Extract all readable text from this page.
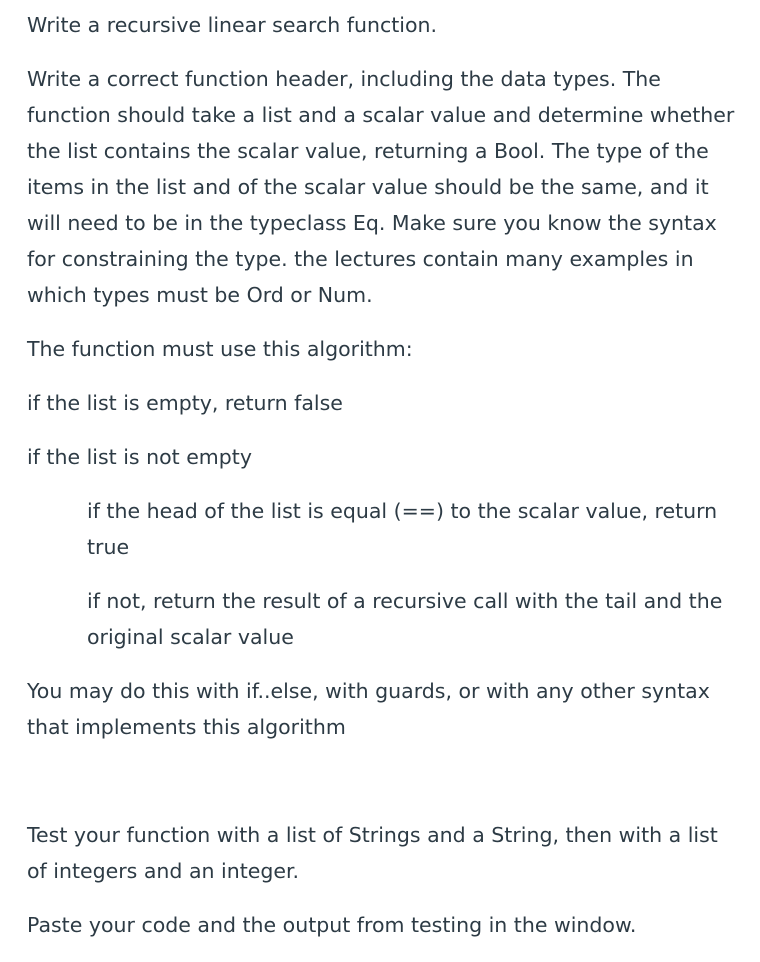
Write a recursive linear search function.

Write a correct function header, including the data types. The
function should take a list and a scalar value and determine whether
the list contains the scalar value, returning a Bool. The type of the
items in the list and of the scalar value should be the same, and it
will need to be in the typeclass Eq. Make sure you know the syntax
for constraining the type. the lectures contain many examples in
which types must be Ord or Num.

The function must use this algorithm:

if the list is empty, return false

if the list is not empty

if the head of the list is equal (==) to the scalar value, return
true

if not, return the result of a recursive call with the tail and the
original scalar value

You may do this with if..else, with guards, or with any other syntax
that implements this algorithm

Test your function with a list of Strings and a String, then with a list
of integers and an integer.

Paste your code and the output from testing in the window.
